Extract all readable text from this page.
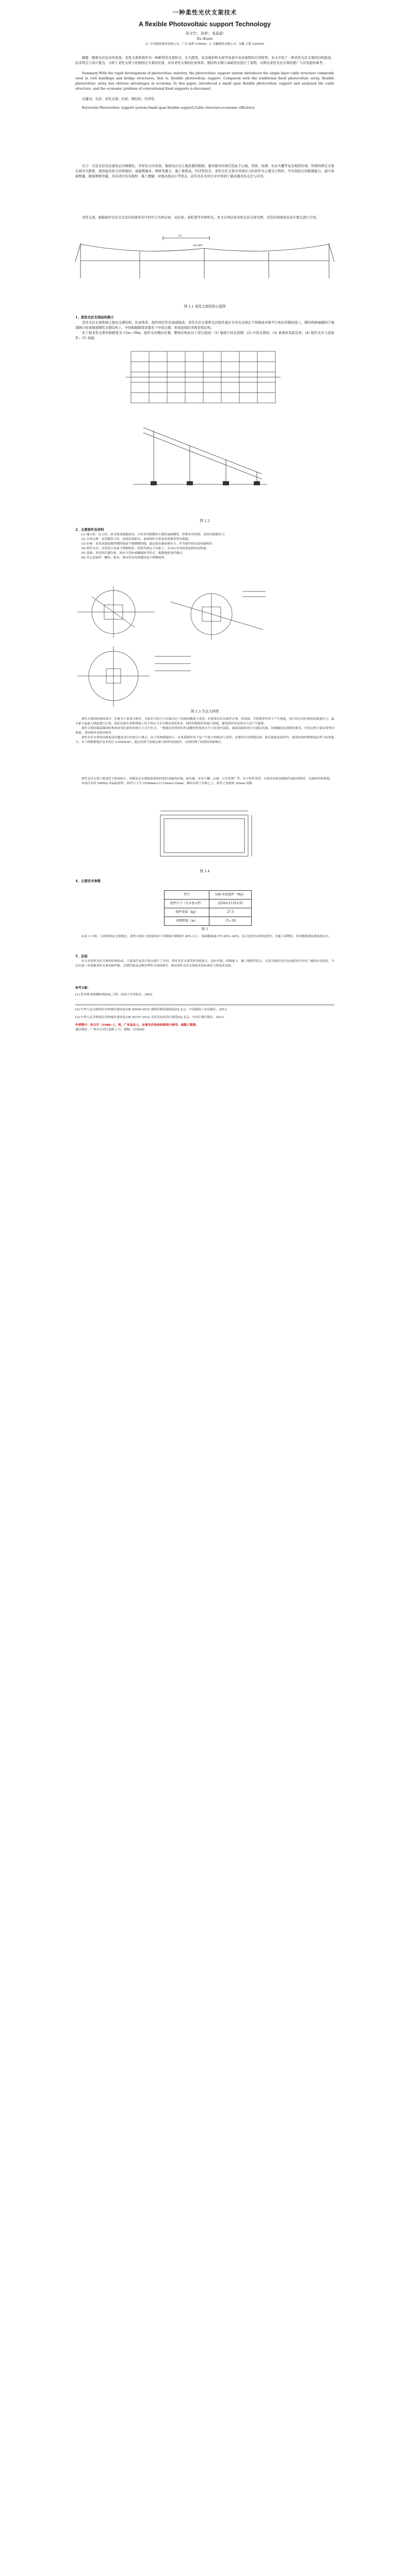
一种柔性光伏支架技术
A flexible Photovoltaic support Technology
孙文竹¹，孙荣¹，张晶晶²
Xx zhuan
(1. 中国建材集团有限公司，广东 深圳 518000；2. 安徽建材有限公司，安徽 合肥 230000)

摘要：随着光伏技术的发展，柔性支架系统作为一种新型的支架形式，在大跨度、复杂地形和水面等场景中具有独特的应用优势。本文介绍了一种柔性光伏支架的结构组成、技术特点与设计要点，分析了柔性支架与传统固定支架的区别，并对柔性支架的拉索体系、钢结构支撑与基础型式进行了说明，以期为柔性光伏支架的推广与应用提供参考。

Summary:With the rapid development of photovoltaic industry, the photovoltaic support system introduces the single layer cable structure commonly used in civil buildings and bridge structures, that is, flexible photovoltaic support. Compared with the traditional fixed photovoltaic array, flexible photovoltaic array has obvious advantages in economy. In this paper, introduced a small span flexible photovoltaic support and analyzed the cable structure, and the economic problem of conventional fixed supports is discussed.

关键词：光伏；柔性支架；拉索；钢结构；经济性

Keywords:Photovoltaic support system;Small span flexible support;Cable structure;economic efficiency

引言：目前光伏电站建设正向规模化、多样化方向发展，地面电站受土地资源的限制，越来越多的项目选址于山地、荒坡、鱼塘、农业大棚等复杂地形区域。传统的固定支架在面对大跨度、地形起伏较大的场地时，基础数量多、钢材用量大、施工难度高，经济性较差。柔性光伏支架采用预应力拉索作为主要受力构件，可实现较大的跨越能力，减少基础数量，降低钢材用量，具有适应复杂地形、施工便捷、对地表扰动小等优点，近年来在光伏行业中得到了越来越多的关注与应用。

柔性支架，根据组件安装方式及结构体系的不同可分为单层索、双层索、索桁架等多种形式。本文以单层索柔性光伏支架为例，对其结构组成及设计要点进行介绍。

L1
±0.000
图 1.1 柔性支架结构示意图
1、柔性光伏支架结构简介

柔性光伏支架系统主要由支撑结构、拉索体系、组件固定件及基础组成。柔性光伏支架将光伏组件通过专用夹具固定于两根或多根平行张拉的钢绞线上，钢绞线两端锚固于端部钢立柱或端部刚性支撑结构上，中间根据跨度设置若干中间支撑，形成连续的多跨柔性结构。

本工程柔性支架单跨跨度为 15m~30m，组件采用横向布置，整体结构由以下部分组成：(1) 端部立柱及斜撑；(2) 中间支撑柱；(3) 承重索及稳定索；(4) 组件夹具与连接件；(5) 基础。

图 1.2
2、主要部件及材料

(1) 端立柱：由立柱、斜支撑及锚板组成，立柱采用热镀锌方钢管或圆钢管，斜撑采用角钢，承担拉索锚固力；

(2) 中间支撑：采用钢管立柱，顶部设置索夹，承担组件自重及风荷载等竖向荷载；

(3) 拉索：采用高强度镀锌钢绞线或不锈钢钢绞线，通过张拉施加预应力，作为组件的直接承载构件；

(4) 组件夹具：采用铝合金或不锈钢材质，将组件固定于拉索上，夹具应具有防滑及防松动性能；

(5) 基础：采用钻孔灌注桩、预应力管桩或螺旋桩等形式，根据地质条件确定；

(6) 其它连接件：螺栓、索具、锚具等采用热镀锌或不锈钢材质。

图 1.3 节点大样图

柔性支架的结构体系中，拉索为主要受力构件，其张拉力的大小直接决定了结构的刚度与变形。拉索张拉后在组件自重、风荷载、雪荷载等作用下产生挠度，设计时应对拉索的初始预拉力、最大索力及最大挠度进行计算，保证拉索在各种荷载工况下的应力水平满足规范要求，同时控制组件的最大挠度，避免组件因变形过大而产生隐裂。

柔性支架的端部锚固结构需承受拉索传来的巨大水平拉力，一般通过设置斜拉杆或刚性桁架将水平力传递至基础。端部基础的设计应满足抗拔、抗倾覆及抗滑移的要求。中间支撑主要承受竖向荷载，其结构形式相对简单。

柔性光伏支架的风致振动问题是设计的重点与难点，由于结构刚度较小，在风荷载作用下易产生较大的振动与变形，必要时应设置稳定索、阻尼器或连接杆件，提高结构的整体稳定性与抗风能力。本工程根据地区基本风压 0.45kN/m²，通过设置下弦稳定索与组件间连接杆，有效控制了结构的风振响应。

柔性光伏支架主要适用于跨度较大、场地复杂且地面需要保持使用功能的区域，如鱼塘、农业大棚、山地、污水处理厂等。对于组件选型，宜选用双面双玻组件或轻质组件，以减轻结构荷载。

本项目采用 540Wp 单晶硅组件，组件尺寸为 2256mm×1133mm×35mm，横向布置于拉索之上，组件之间预留 20mm 间隙。

图 1.4
4、主要技术参数
型号	540 单晶组件（Wp）
组件尺寸（长×宽×厚）	2256×1133×35
组件重量（kg）	27.5
单跨跨度（m）	15~30
表 1

由表 1 可知，与传统固定支架相比，柔性支架在大跨度场景下用钢量可降低约 30% 以上，基础数量减少约 40%~60%，综合造价具有明显优势；且施工周期短，对场地植被及地表扰动小。

5、总结

本文对柔性光伏支架的结构组成、主要部件及设计要点进行了介绍，柔性光伏支架凭借其跨度大、适应性强、用钢量少、施工便捷等优点，在复杂地形光伏电站建设中具有广阔的应用前景。今后应进一步加强柔性支架风振性能、长期性能及运维管理等方面的研究，推动柔性光伏支架技术的标准化与规范化发展。

参考文献：

[1] 张其林.索和膜结构[M].上海：同济大学出版社，2002.

[2] 中华人民共和国住房和城乡建设部.GB 50009-2012 建筑结构荷载规范[S].北京：中国建筑工业出版社，2012.

[3] 中华人民共和国住房和城乡建设部.GB 50797-2012 光伏发电站设计规范[S].北京：中国计划出版社，2012.

作者简介：孙文竹（1986—），男，广东汕头人，从事光伏电站结构设计研究，高级工程师。

通信地址：广州市天河区某路 1 号，邮编：510000
